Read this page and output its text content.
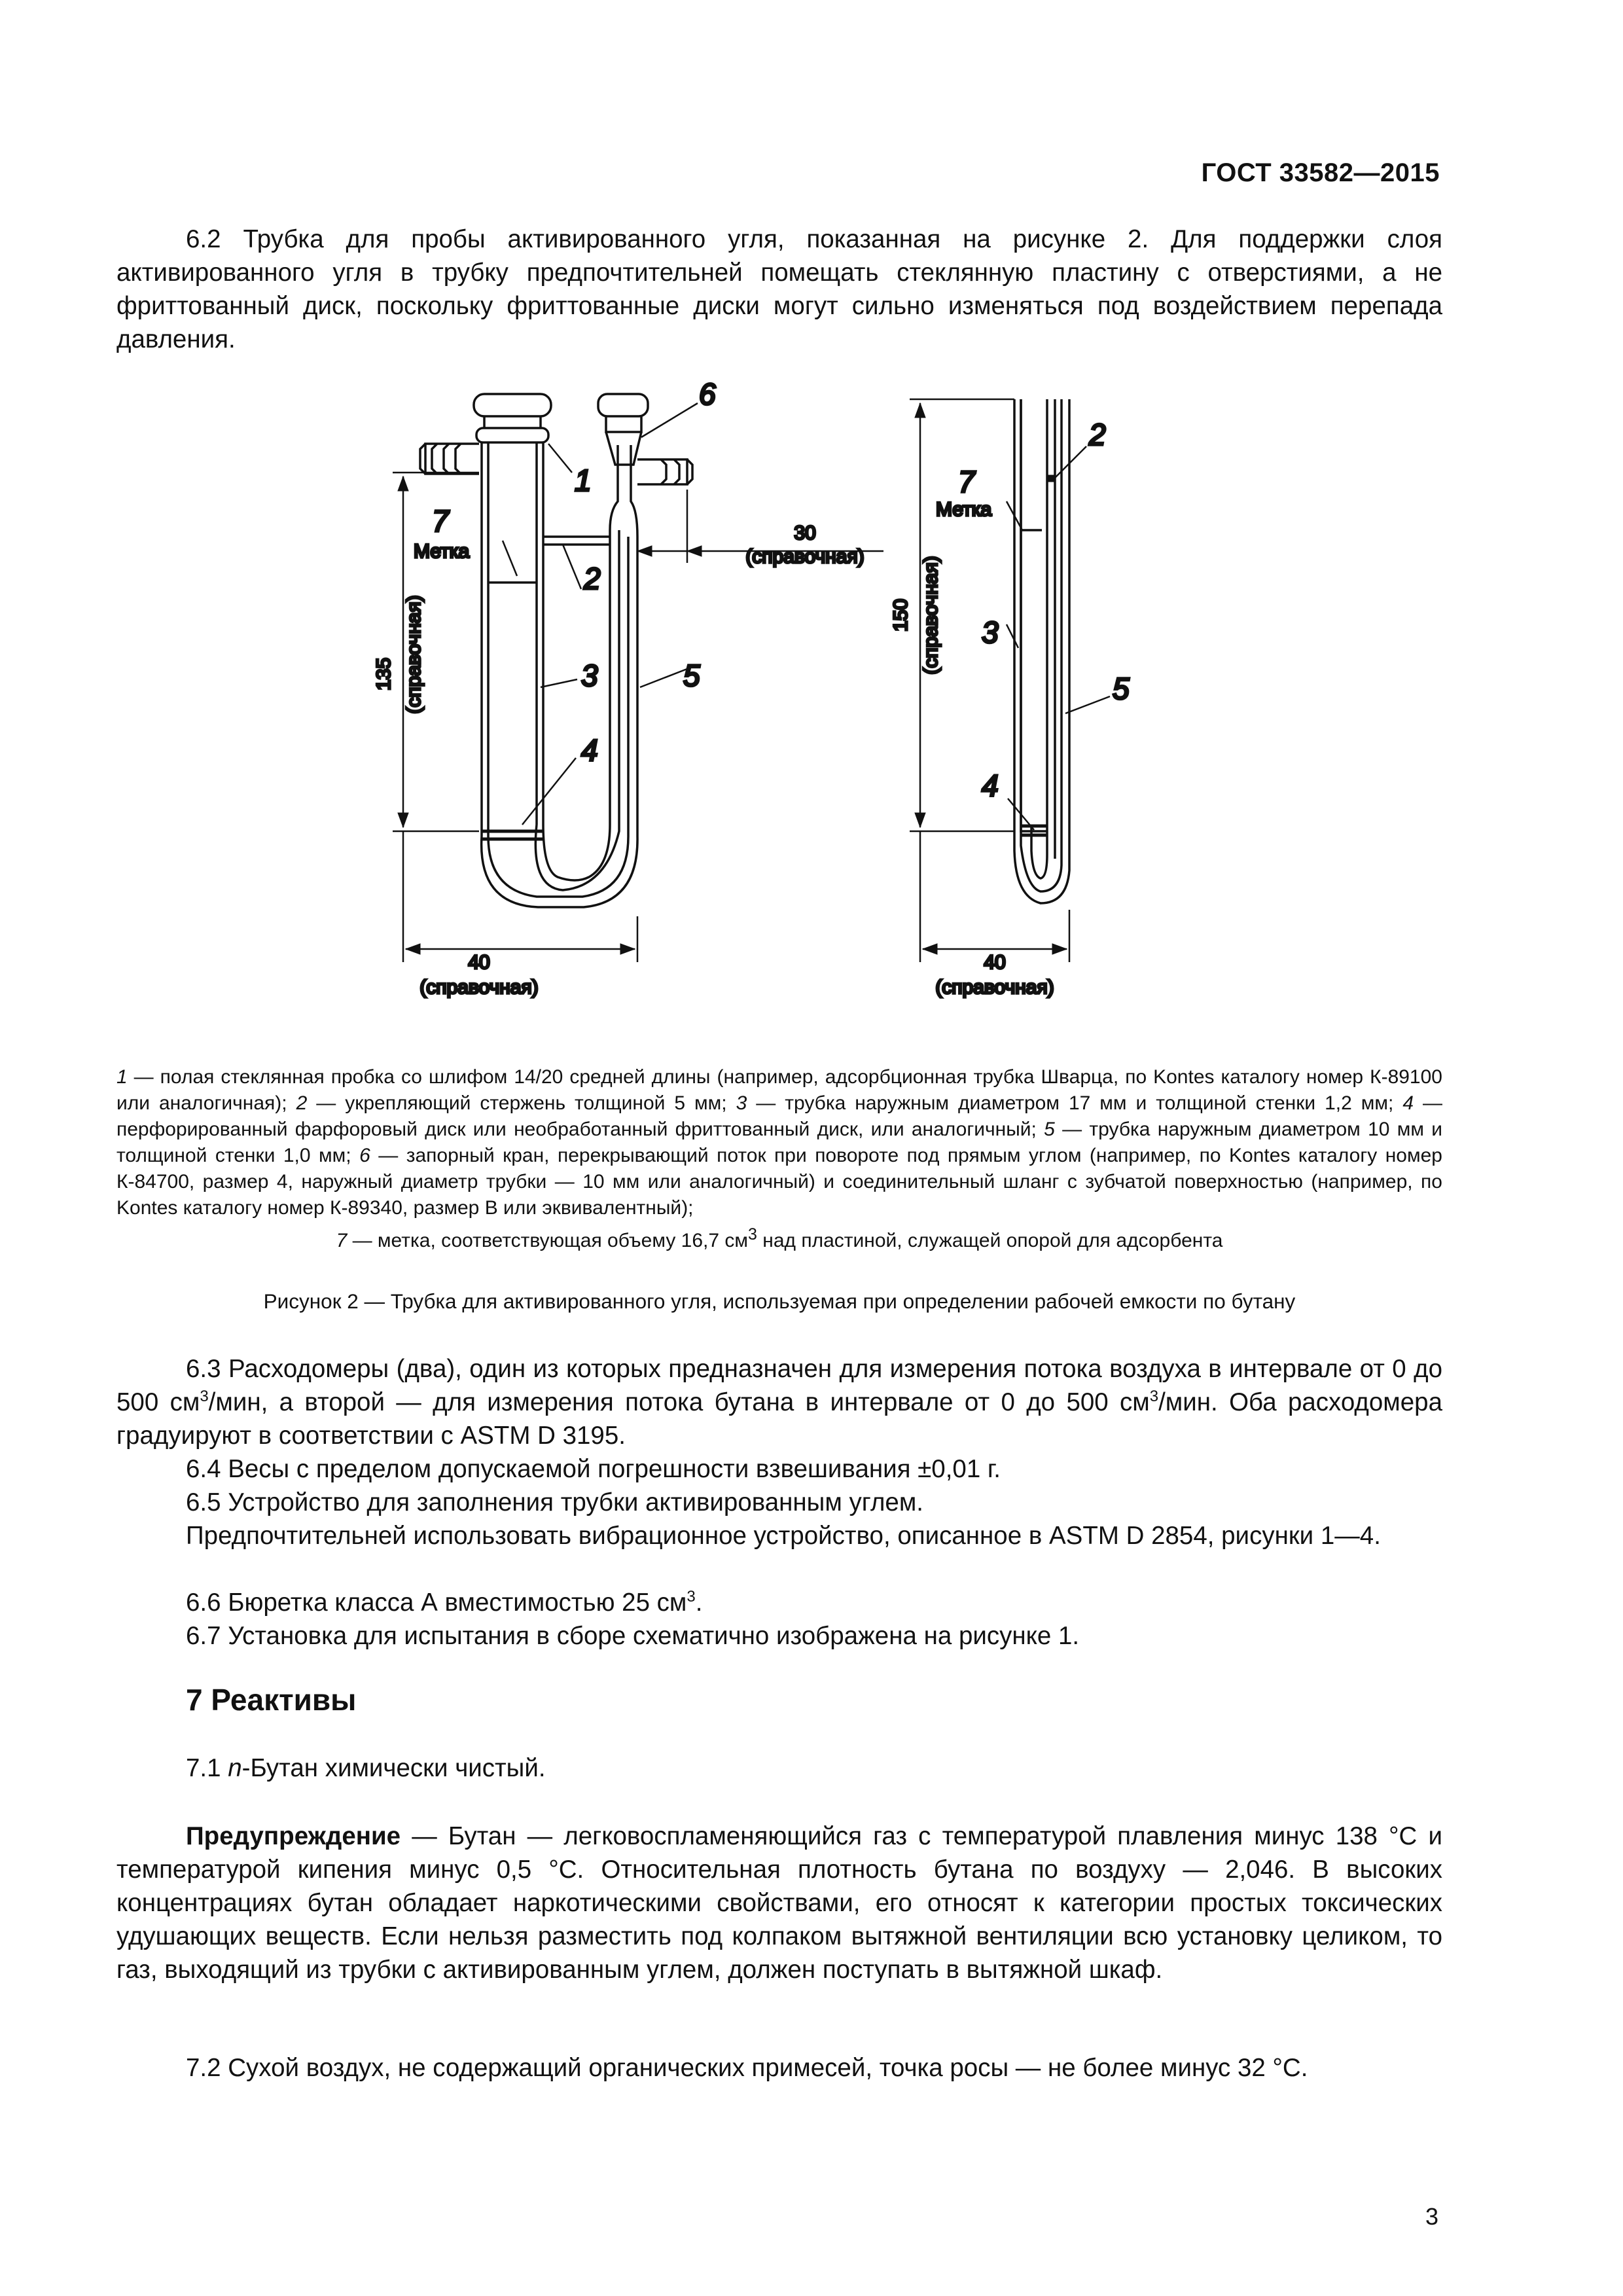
ГОСТ 33582—2015
6.2 Трубка для пробы активированного угля, показанная на рисунке 2. Для поддержки слоя активированного угля в трубку предпочтительней помещать стеклянную пластину с отверстиями, а не фриттованный диск, поскольку фриттованные диски могут сильно изменяться под воздействием перепада давления.
1
7
Метка
2
3
4
5
6
135 (справочная)
30
(справочная)
40
(справочная)
2
7
Метка
3
4
5
150 (справочная)
40
(справочная)
1 — полая стеклянная пробка со шлифом 14/20 средней длины (например, адсорбционная трубка Шварца, по Kontes каталогу номер К-89100 или аналогичная); 2 — укрепляющий стержень толщиной 5 мм; 3 — трубка наружным диаметром 17 мм и толщиной стенки 1,2 мм; 4 — перфорированный фарфоровый диск или необработанный фриттованный диск, или аналогичный; 5 — трубка наружным диаметром 10 мм и толщиной стенки 1,0 мм; 6 — запорный кран, перекрывающий поток при повороте под прямым углом (например, по Kontes каталогу номер К-84700, размер 4, наружный диаметр трубки — 10 мм или аналогичный) и соединительный шланг с зубчатой поверхностью (например, по Kontes каталогу номер К-89340, размер B или эквивалентный);
7 — метка, соответствующая объему 16,7 $см^3$ над пластиной, служащей опорой для адсорбента
Рисунок 2 — Трубка для активированного угля, используемая при определении рабочей емкости по бутану
6.3 Расходомеры (два), один из которых предназначен для измерения потока воздуха в интервале от 0 до 500 $см^3$/мин, а второй — для измерения потока бутана в интервале от 0 до 500 $см^3$/мин. Оба расходомера градуируют в соответствии с ASTM D 3195.
6.4 Весы с пределом допускаемой погрешности взвешивания ±0,01 г.
6.5 Устройство для заполнения трубки активированным углем.
Предпочтительней использовать вибрационное устройство, описанное в ASTM D 2854, рисунки 1—4.
6.6 Бюретка класса А вместимостью 25 $см^3$.
6.7 Установка для испытания в сборе схематично изображена на рисунке 1.
7 Реактивы
7.1 n-Бутан химически чистый.
Предупреждение — Бутан — легковоспламеняющийся газ с температурой плавления минус 138 °С и температурой кипения минус 0,5 °С. Относительная плотность бутана по воздуху — 2,046. В высоких концентрациях бутан обладает наркотическими свойствами, его относят к категории простых токсических удушающих веществ. Если нельзя разместить под колпаком вытяжной вентиляции всю установку целиком, то газ, выходящий из трубки с активированным углем, должен поступать в вытяжной шкаф.
7.2 Сухой воздух, не содержащий органических примесей, точка росы — не более минус 32 °С.
3
